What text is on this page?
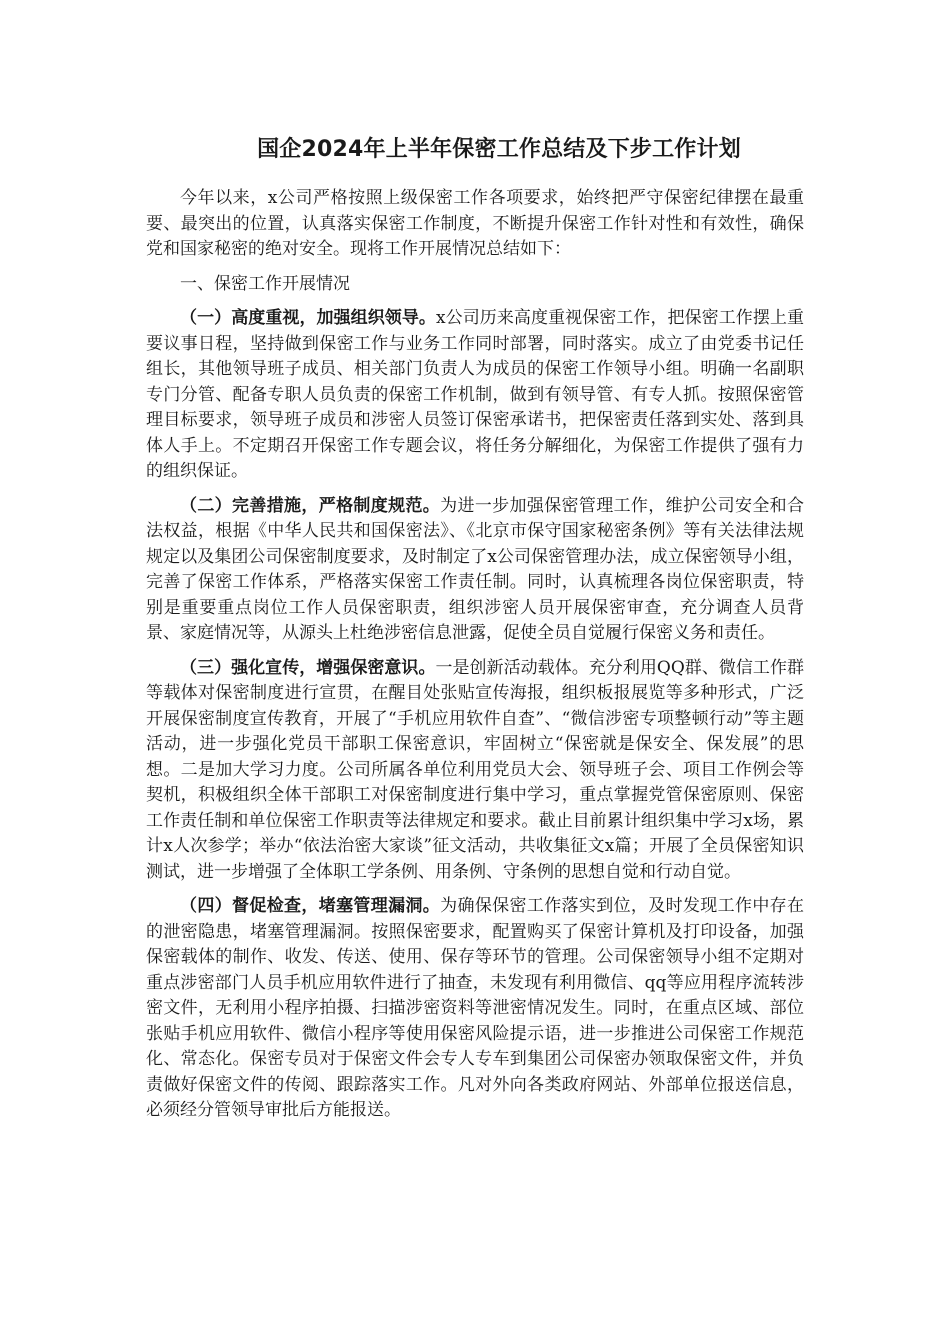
国企2024年上半年保密工作总结及下步工作计划

今年以来，x公司严格按照上级保密工作各项要求，始终把严守保密纪律摆在最重要、最突出的位置，认真落实保密工作制度，不断提升保密工作针对性和有效性，确保党和国家秘密的绝对安全。现将工作开展情况总结如下：

一、保密工作开展情况

（一）高度重视，加强组织领导。x公司历来高度重视保密工作，把保密工作摆上重要议事日程，坚持做到保密工作与业务工作同时部署，同时落实。成立了由党委书记任组长，其他领导班子成员、相关部门负责人为成员的保密工作领导小组。明确一名副职专门分管、配备专职人员负责的保密工作机制，做到有领导管、有专人抓。按照保密管理目标要求，领导班子成员和涉密人员签订保密承诺书，把保密责任落到实处、落到具体人手上。不定期召开保密工作专题会议，将任务分解细化，为保密工作提供了强有力的组织保证。

（二）完善措施，严格制度规范。为进一步加强保密管理工作，维护公司安全和合法权益，根据《中华人民共和国保密法》、《北京市保守国家秘密条例》等有关法律法规规定以及集团公司保密制度要求，及时制定了x公司保密管理办法，成立保密领导小组，完善了保密工作体系，严格落实保密工作责任制。同时，认真梳理各岗位保密职责，特别是重要重点岗位工作人员保密职责，组织涉密人员开展保密审查，充分调查人员背景、家庭情况等，从源头上杜绝涉密信息泄露，促使全员自觉履行保密义务和责任。

（三）强化宣传，增强保密意识。一是创新活动载体。充分利用QQ群、微信工作群等载体对保密制度进行宣贯，在醒目处张贴宣传海报，组织板报展览等多种形式，广泛开展保密制度宣传教育，开展了“手机应用软件自查”、“微信涉密专项整顿行动”等主题活动，进一步强化党员干部职工保密意识，牢固树立“保密就是保安全、保发展”的思想。二是加大学习力度。公司所属各单位利用党员大会、领导班子会、项目工作例会等契机，积极组织全体干部职工对保密制度进行集中学习，重点掌握党管保密原则、保密工作责任制和单位保密工作职责等法律规定和要求。截止目前累计组织集中学习x场，累计x人次参学；举办“依法治密大家谈”征文活动，共收集征文x篇；开展了全员保密知识测试，进一步增强了全体职工学条例、用条例、守条例的思想自觉和行动自觉。

（四）督促检查，堵塞管理漏洞。为确保保密工作落实到位，及时发现工作中存在的泄密隐患，堵塞管理漏洞。按照保密要求，配置购买了保密计算机及打印设备，加强保密载体的制作、收发、传送、使用、保存等环节的管理。公司保密领导小组不定期对重点涉密部门人员手机应用软件进行了抽查，未发现有利用微信、qq等应用程序流转涉密文件，无利用小程序拍摄、扫描涉密资料等泄密情况发生。同时，在重点区域、部位张贴手机应用软件、微信小程序等使用保密风险提示语，进一步推进公司保密工作规范化、常态化。保密专员对于保密文件会专人专车到集团公司保密办领取保密文件，并负责做好保密文件的传阅、跟踪落实工作。凡对外向各类政府网站、外部单位报送信息，必须经分管领导审批后方能报送。
